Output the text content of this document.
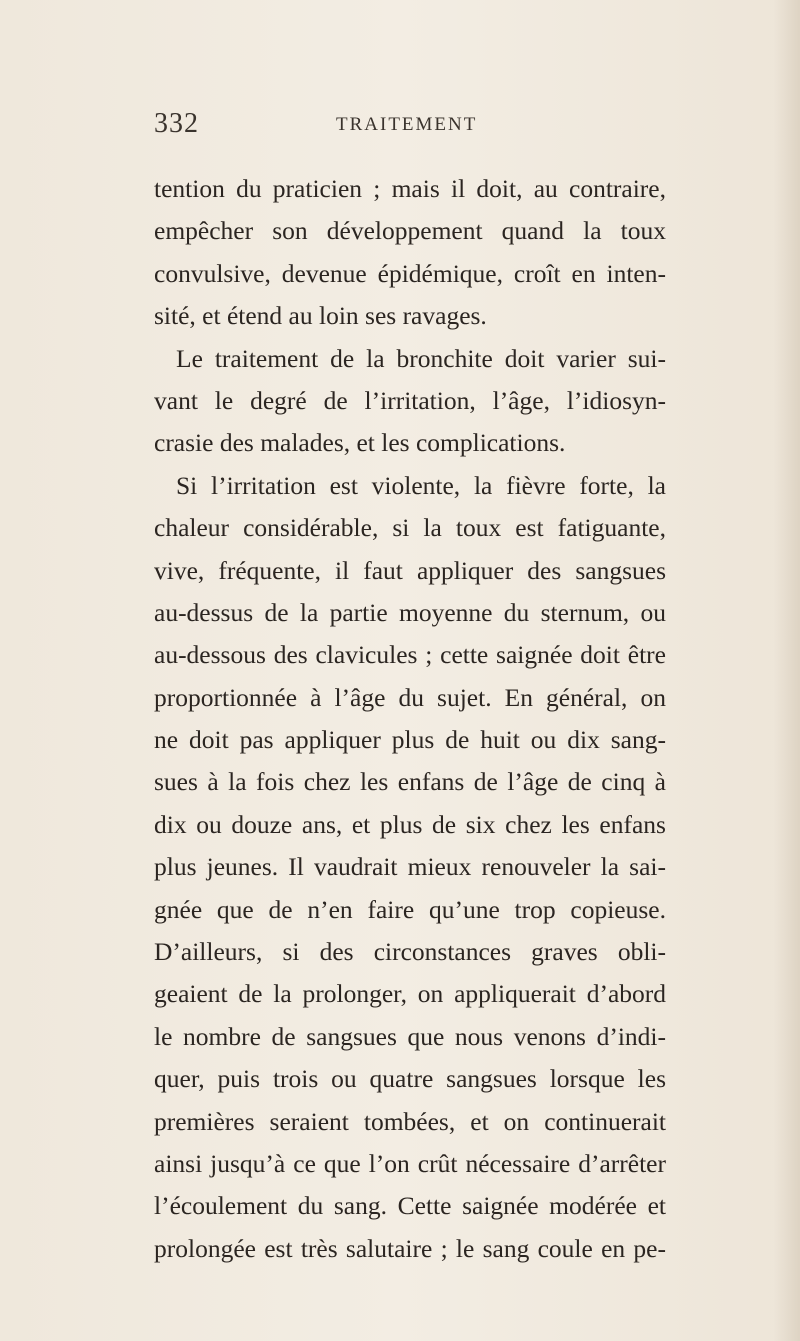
332	TRAITEMENT
tention du praticien ; mais il doit, au contraire,
empêcher son développement quand la toux
convulsive, devenue épidémique, croît en inten-
sité, et étend au loin ses ravages.
Le traitement de la bronchite doit varier sui-
vant le degré de l’irritation, l’âge, l’idiosyn-
crasie des malades, et les complications.
Si l’irritation est violente, la fièvre forte, la
chaleur considérable, si la toux est fatiguante,
vive, fréquente, il faut appliquer des sangsues
au-dessus de la partie moyenne du sternum, ou
au-dessous des clavicules ; cette saignée doit être
proportionnée à l’âge du sujet. En général, on
ne doit pas appliquer plus de huit ou dix sang-
sues à la fois chez les enfans de l’âge de cinq à
dix ou douze ans, et plus de six chez les enfans
plus jeunes. Il vaudrait mieux renouveler la sai-
gnée que de n’en faire qu’une trop copieuse.
D’ailleurs, si des circonstances graves obli-
geaient de la prolonger, on appliquerait d’abord
le nombre de sangsues que nous venons d’indi-
quer, puis trois ou quatre sangsues lorsque les
premières seraient tombées, et on continuerait
ainsi jusqu’à ce que l’on crût nécessaire d’arrêter
l’écoulement du sang. Cette saignée modérée et
prolongée est très salutaire ; le sang coule en pe-
